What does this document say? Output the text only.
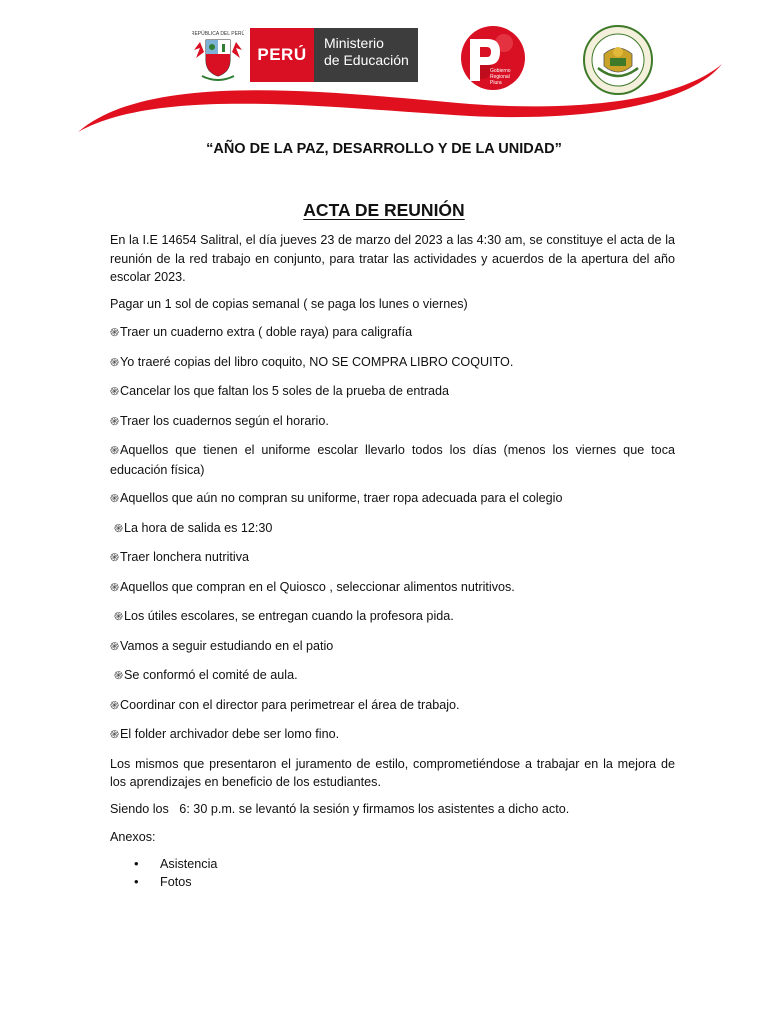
REPÚBLICA DEL PERÚ
PERÚ
Ministerio
de Educación
Gobierno
Regional
Piura
“AÑO DE LA PAZ, DESARROLLO Y DE LA UNIDAD”
ACTA DE REUNIÓN

En la I.E 14654 Salitral, el día jueves 23 de marzo del 2023 a las 4:30 am, se constituye el acta de la reunión de la red trabajo en conjunto, para tratar las actividades y acuerdos de la apertura del año escolar 2023.

Pagar un 1 sol de copias semanal ( se paga los lunes o viernes)

֍Traer un cuaderno extra ( doble raya) para caligrafía

֍Yo traeré copias del libro coquito, NO SE COMPRA LIBRO COQUITO.

֍Cancelar los que faltan los 5 soles de la prueba de entrada

֍Traer los cuadernos según el horario.

֍Aquellos que tienen el uniforme escolar llevarlo todos los días (menos los viernes que toca educación física)

֍Aquellos que aún no compran su uniforme, traer ropa adecuada para el colegio

֍La hora de salida es 12:30

֍Traer lonchera nutritiva

֍Aquellos que compran en el Quiosco , seleccionar alimentos nutritivos.

֍Los útiles escolares, se entregan cuando la profesora pida.

֍Vamos a seguir estudiando en el patio

֍Se conformó el comité de aula.

֍Coordinar con el director para perimetrear el área de trabajo.

֍El folder archivador debe ser lomo fino.

Los mismos que presentaron el juramento de estilo, comprometiéndose a trabajar en la mejora de los aprendizajes en beneficio de los estudiantes.

Siendo los   6: 30 p.m. se levantó la sesión y firmamos los asistentes a dicho acto.

Anexos:

• Asistencia
• Fotos
